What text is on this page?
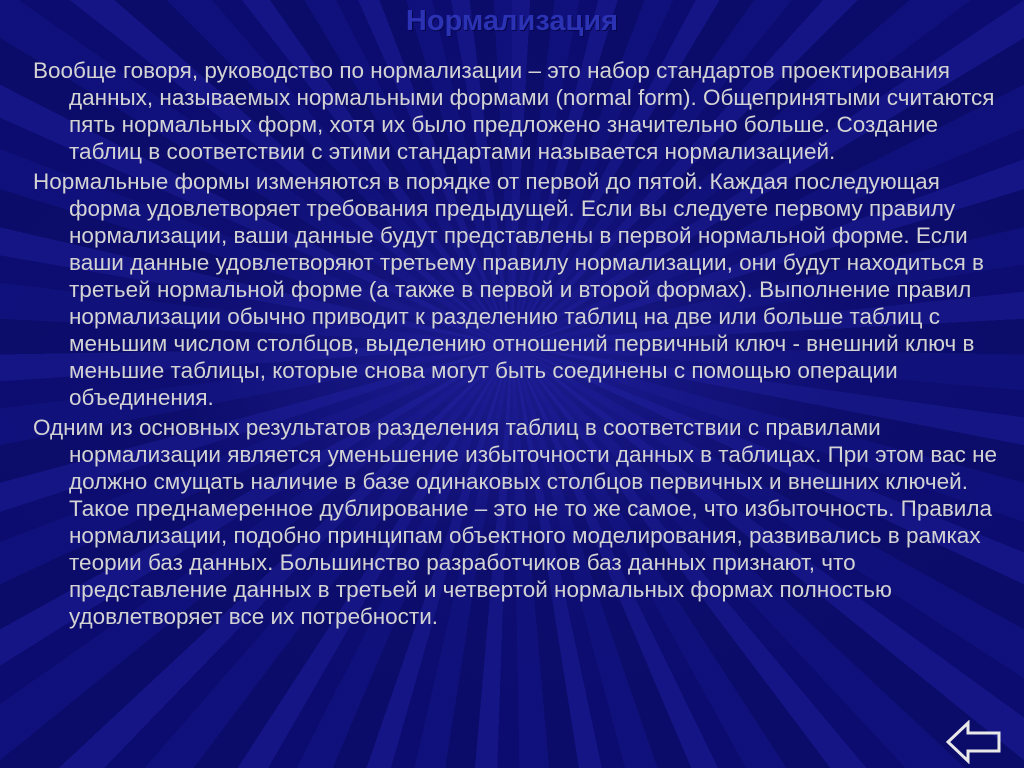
Нормализация
Вообще говоря, руководство по нормализации – это набор стандартов проектирования данных, называемых нормальными формами (normal form). Общепринятыми считаются пять нормальных форм, хотя их было предложено значительно больше. Создание таблиц в соответствии с этими стандартами называется нормализацией.
Нормальные формы изменяются в порядке от первой до пятой. Каждая последующая форма удовлетворяет требования предыдущей. Если вы следуете первому правилу нормализации, ваши данные будут представлены в первой нормальной форме. Если ваши данные удовлетворяют третьему правилу нормализации, они будут находиться в третьей нормальной форме (а также в первой и второй формах). Выполнение правил нормализации обычно приводит к разделению таблиц на две или больше таблиц с меньшим числом столбцов, выделению отношений первичный ключ - внешний ключ в меньшие таблицы, которые снова могут быть соединены с помощью операции объединения.
Одним из основных результатов разделения таблиц в соответствии с правилами нормализации является уменьшение избыточности данных в таблицах. При этом вас не должно смущать наличие в базе одинаковых столбцов первичных и внешних ключей. Такое преднамеренное дублирование – это не то же самое, что избыточность. Правила нормализации, подобно принципам объектного моделирования, развивались в рамках теории баз данных. Большинство разработчиков баз данных признают, что представление данных в третьей и четвертой нормальных формах полностью удовлетворяет все их потребности.
